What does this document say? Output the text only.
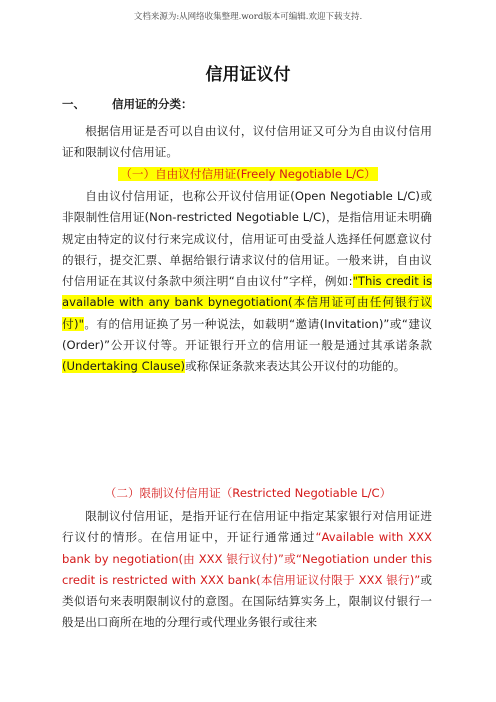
文档来源为:从网络收集整理.word版本可编辑.欢迎下载支持.
信用证议付
一、 信用证的分类：

根据信用证是否可以自由议付，议付信用证又可分为自由议付信用证和限制议付信用证。

（一）自由议付信用证(Freely Negotiable L/C）

自由议付信用证，也称公开议付信用证(Open Negotiable L/C)或非限制性信用证(Non-restricted Negotiable L/C)，是指信用证未明确规定由特定的议付行来完成议付，信用证可由受益人选择任何愿意议付的银行，提交汇票、单据给银行请求议付的信用证。一般来讲，自由议付信用证在其议付条款中须注明“自由议付”字样，例如:"This credit is available with any bank bynegotiation(本信用证可由任何银行议付)"。有的信用证换了另一种说法，如载明“邀请(Invitation)”或“建议(Order)”公开议付等。开证银行开立的信用证一般是通过其承诺条款(Undertaking Clause)或称保证条款来表达其公开议付的功能的。

（二）限制议付信用证（Restricted Negotiable L/C）

限制议付信用证，是指开证行在信用证中指定某家银行对信用证进行议付的情形。在信用证中，开证行通常通过“Available with XXX bank by negotiation(由 XXX 银行议付)”或“Negotiation under this credit is restricted with XXX bank(本信用证议付限于 XXX 银行)”或类似语句来表明限制议付的意图。在国际结算实务上，限制议付银行一般是出口商所在地的分理行或代理业务银行或往来
